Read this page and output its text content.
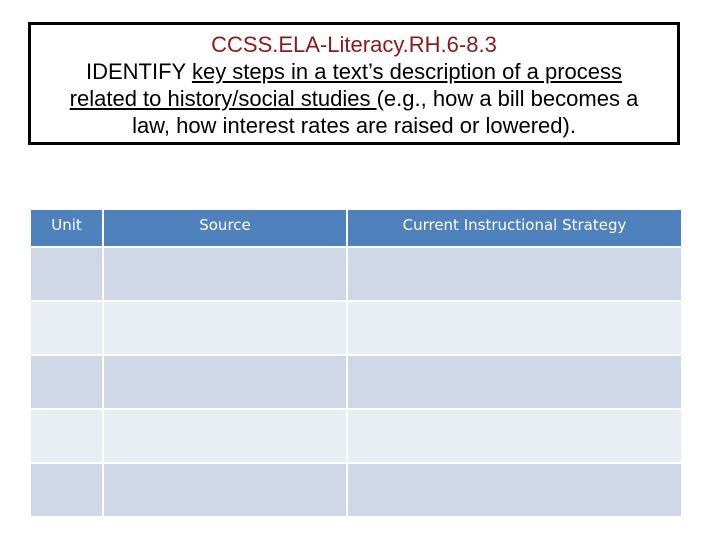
CCSS.ELA-Literacy.RH.6-8.3
IDENTIFY key steps in a text’s description of a process
related to history/social studies (e.g., how a bill becomes a
law, how interest rates are raised or lowered).
Unit	Source	Current Instructional Strategy
